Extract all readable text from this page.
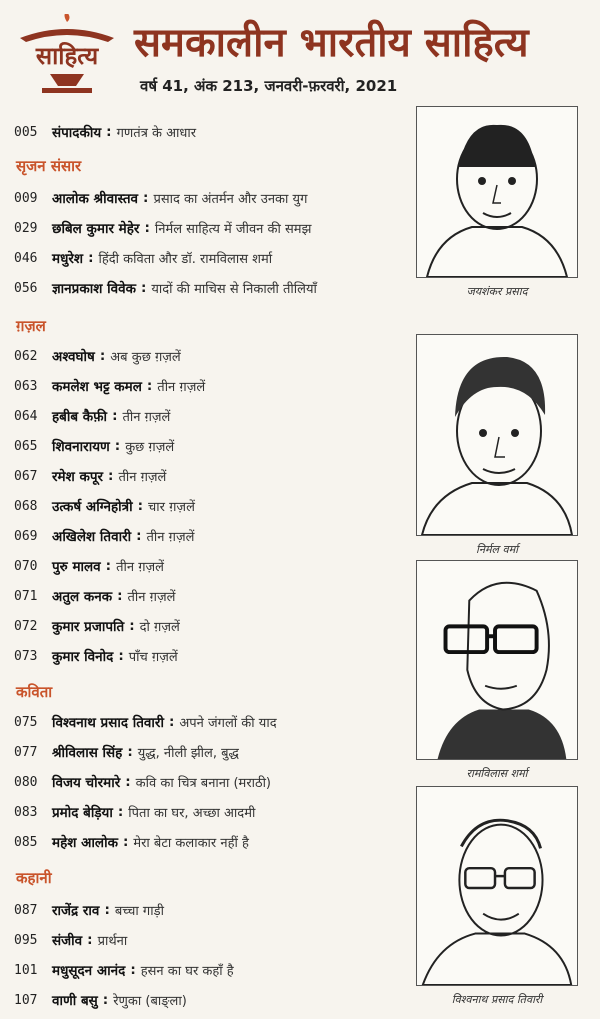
साहित्य समकालीन भारतीय साहित्य
वर्ष 41, अंक 213, जनवरी-फ़रवरी, 2021
005	संपादकीय : गणतंत्र के आधार
सृजन संसार
009	आलोक श्रीवास्तव : प्रसाद का अंतर्मन और उनका युग
029	छबिल कुमार मेहेर : निर्मल साहित्य में जीवन की समझ
046	मधुरेश : हिंदी कविता और डॉ. रामविलास शर्मा
056	ज्ञानप्रकाश विवेक : यादों की माचिस से निकाली तीलियाँ
ग़ज़ल
062	अश्वघोष : अब कुछ ग़ज़लें
063	कमलेश भट्ट कमल : तीन ग़ज़लें
064	हबीब कैफ़ी : तीन ग़ज़लें
065	शिवनारायण : कुछ ग़ज़लें
067	रमेश कपूर : तीन ग़ज़लें
068	उत्कर्ष अग्निहोत्री : चार ग़ज़लें
069	अखिलेश तिवारी : तीन ग़ज़लें
070	पुरु मालव : तीन ग़ज़लें
071	अतुल कनक : तीन ग़ज़लें
072	कुमार प्रजापति : दो ग़ज़लें
073	कुमार विनोद : पाँच ग़ज़लें
कविता
075	विश्वनाथ प्रसाद तिवारी : अपने जंगलों की याद
077	श्रीविलास सिंह : युद्ध, नीली झील, बुद्ध
080	विजय चोरमारे : कवि का चित्र बनाना (मराठी)
083	प्रमोद बेड़िया : पिता का घर, अच्छा आदमी
085	महेश आलोक : मेरा बेटा कलाकार नहीं है
कहानी
087	राजेंद्र राव : बच्चा गाड़ी
095	संजीव : प्रार्थना
101	मधुसूदन आनंद : हसन का घर कहाँ है
107	वाणी बसु : रेणुका (बाङ्ला)
जयशंकर प्रसाद
निर्मल वर्मा
रामविलास शर्मा
विश्वनाथ प्रसाद तिवारी
